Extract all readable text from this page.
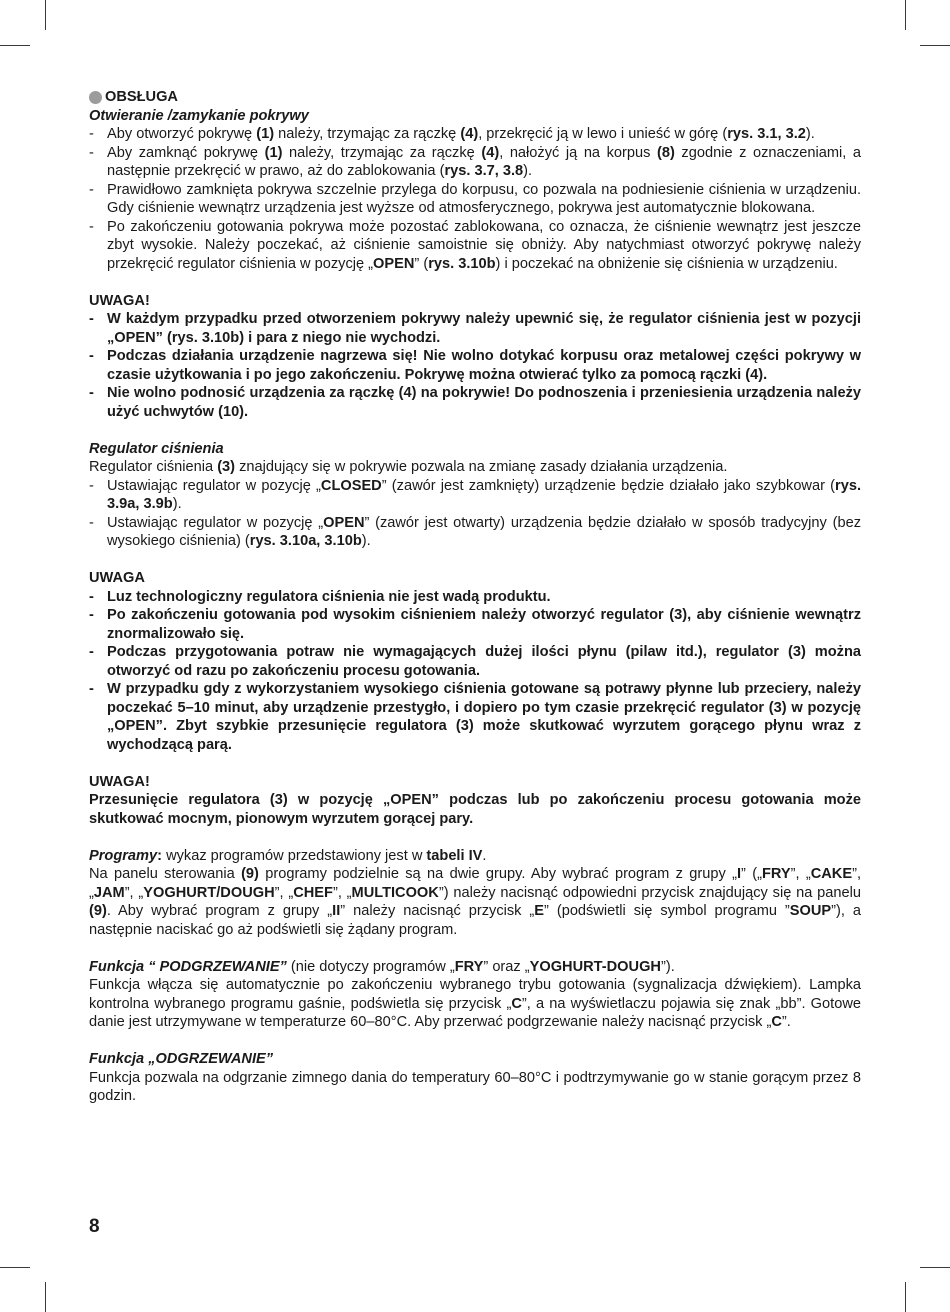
OBSŁUGA

Otwieranie /zamykanie pokrywy

- Aby otworzyć pokrywę (1) należy, trzymając za rączkę (4), przekręcić ją w lewo i unieść w górę (rys. 3.1, 3.2).
- Aby zamknąć pokrywę (1) należy, trzymając za rączkę (4), nałożyć ją na korpus (8) zgodnie z oznaczeniami, a następnie przekręcić w prawo, aż do zablokowania (rys. 3.7, 3.8).
- Prawidłowo zamknięta pokrywa szczelnie przylega do korpusu, co pozwala na podniesienie ciśnienia w urządzeniu. Gdy ciśnienie wewnątrz urządzenia jest wyższe od atmosferycznego, pokrywa jest automatycznie blokowana.
- Po zakończeniu gotowania pokrywa może pozostać zablokowana, co oznacza, że ciśnienie wewnątrz jest jeszcze zbyt wysokie. Należy poczekać, aż ciśnienie samoistnie się obniży. Aby natychmiast otworzyć pokrywę należy przekręcić regulator ciśnienia w pozycję „OPEN” (rys. 3.10b) i poczekać na obniżenie się ciśnienia w urządzeniu.

UWAGA!

- W każdym przypadku przed otworzeniem pokrywy należy upewnić się, że regulator ciśnienia jest w pozycji „OPEN” (rys. 3.10b) i para z niego nie wychodzi.
- Podczas działania urządzenie nagrzewa się! Nie wolno dotykać korpusu oraz metalowej części pokrywy w czasie użytkowania i po jego zakończeniu. Pokrywę można otwierać tylko za pomocą rączki (4).
- Nie wolno podnosić urządzenia za rączkę (4) na pokrywie! Do podnoszenia i przeniesienia urządzenia należy użyć uchwytów (10).

Regulator ciśnienia

Regulator ciśnienia (3) znajdujący się w pokrywie pozwala na zmianę zasady działania urządzenia.

- Ustawiając regulator w pozycję „CLOSED” (zawór jest zamknięty) urządzenie będzie działało jako szybkowar (rys. 3.9a, 3.9b).
- Ustawiając regulator w pozycję „OPEN” (zawór jest otwarty) urządzenia będzie działało w sposób tradycyjny (bez wysokiego ciśnienia) (rys. 3.10a, 3.10b).

UWAGA

- Luz technologiczny regulatora ciśnienia nie jest wadą produktu.
- Po zakończeniu gotowania pod wysokim ciśnieniem należy otworzyć regulator (3), aby ciśnienie wewnątrz znormalizowało się.
- Podczas przygotowania potraw nie wymagających dużej ilości płynu (pilaw itd.), regulator (3) można otworzyć od razu po zakończeniu procesu gotowania.
- W przypadku gdy z wykorzystaniem wysokiego ciśnienia gotowane są potrawy płynne lub przeciery, należy poczekać 5–10 minut, aby urządzenie przestygło, i dopiero po tym czasie przekręcić regulator (3) w pozycję „OPEN”. Zbyt szybkie przesunięcie regulatora (3) może skutkować wyrzutem gorącego płynu wraz z wychodzącą parą.

UWAGA!

Przesunięcie regulatora (3) w pozycję „OPEN” podczas lub po zakończeniu procesu gotowania może skutkować mocnym, pionowym wyrzutem gorącej pary.

Programy: wykaz programów przedstawiony jest w tabeli IV.

Na panelu sterowania (9) programy podzielnie są na dwie grupy. Aby wybrać program z grupy „I” („FRY”, „CAKE”, „JAM”, „YOGHURT/DOUGH”, „CHEF”, „MULTICOOK”) należy nacisnąć odpowiedni przycisk znajdujący się na panelu (9). Aby wybrać program z grupy „II” należy nacisnąć przycisk „E” (podświetli się symbol programu ”SOUP”), a następnie naciskać go aż podświetli się żądany program.

Funkcja “ PODGRZEWANIE” (nie dotyczy programów „FRY” oraz „YOGHURT-DOUGH”).

Funkcja włącza się automatycznie po zakończeniu wybranego trybu gotowania (sygnalizacja dźwiękiem). Lampka kontrolna wybranego programu gaśnie, podświetla się przycisk „C”, a na wyświetlaczu pojawia się znak „bb”. Gotowe danie jest utrzymywane w temperaturze 60–80°C. Aby przerwać podgrzewanie należy nacisnąć przycisk „C”.

Funkcja „ODGRZEWANIE”

Funkcja pozwala na odgrzanie zimnego dania do temperatury 60–80°C i podtrzymywanie go w stanie gorącym przez 8 godzin.

8
